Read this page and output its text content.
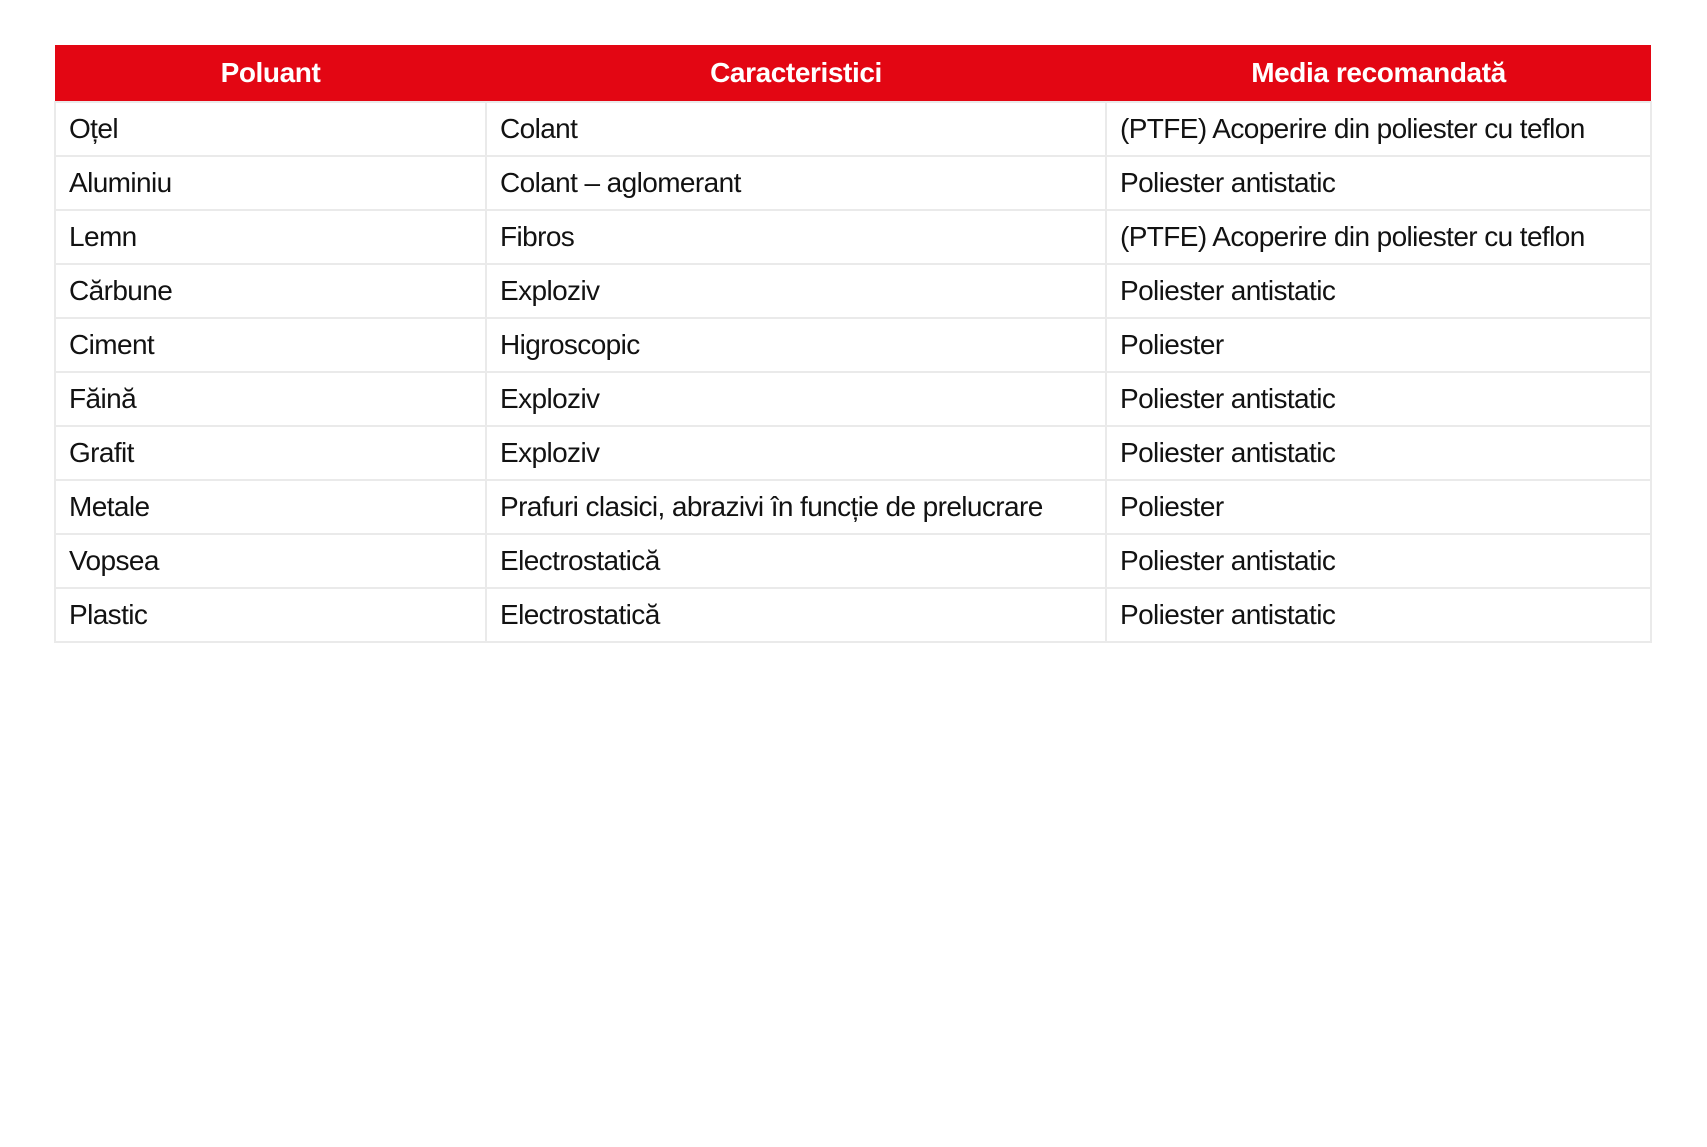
Poluant	Caracteristici	Media recomandată
Oțel	Colant	(PTFE) Acoperire din poliester cu teflon
Aluminiu	Colant – aglomerant	Poliester antistatic
Lemn	Fibros	(PTFE) Acoperire din poliester cu teflon
Cărbune	Exploziv	Poliester antistatic
Ciment	Higroscopic	Poliester
Făină	Exploziv	Poliester antistatic
Grafit	Exploziv	Poliester antistatic
Metale	Prafuri clasici, abrazivi în funcție de prelucrare	Poliester
Vopsea	Electrostatică	Poliester antistatic
Plastic	Electrostatică	Poliester antistatic
